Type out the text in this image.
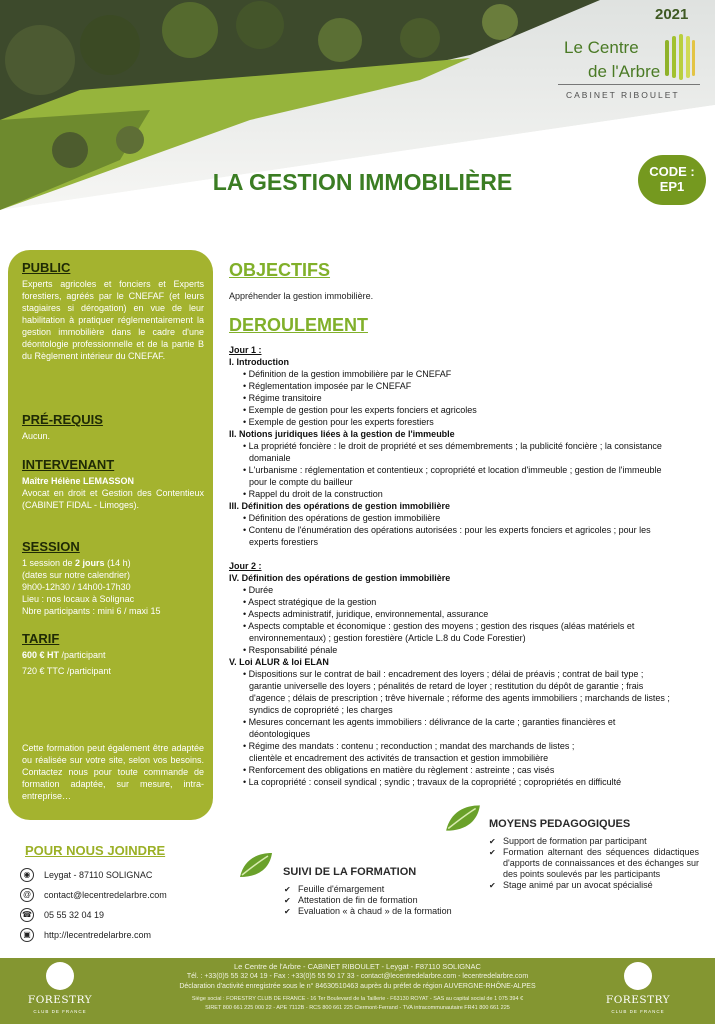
2021
Le Centre
de l'Arbre
CABINET RIBOULET
LA GESTION IMMOBILIÈRE	CODE :
EP1
PUBLIC
Experts agricoles et fonciers et Experts forestiers, agréés par le CNEFAF (et leurs stagiaires si dérogation) en vue de leur habilitation à pratiquer réglementairement la gestion immobilière dans le cadre d'une déontologie professionnelle et de la partie B du Règlement intérieur du CNEFAF.
PRÉ-REQUIS
Aucun.
INTERVENANT
Maître Hélène LEMASSON
Avocat en droit et Gestion des Contentieux (CABINET FIDAL - Limoges).
SESSION
1 session de 2 jours (14 h)
(dates sur notre calendrier)
9h00-12h30 / 14h00-17h30
Lieu : nos locaux à Solignac
Nbre participants : mini 6 / maxi 15
TARIF
600 € HT /participant
720 € TTC /participant
Cette formation peut également être adaptée ou réalisée sur votre site, selon vos besoins. Contactez nous pour toute commande de formation adaptée, sur mesure, intra-entreprise…
OBJECTIFS
Appréhender la gestion immobilière.
DEROULEMENT
Jour 1 :
I. Introduction
• Définition de la gestion immobilière par le CNEFAF
• Réglementation imposée par le CNEFAF
• Régime transitoire
• Exemple de gestion pour les experts fonciers et agricoles
• Exemple de gestion pour les experts forestiers
II. Notions juridiques liées à la gestion de l'immeuble
• La propriété foncière : le droit de propriété et ses démembrements ; la publicité foncière ; la consistance domaniale
• L'urbanisme : réglementation et contentieux ; copropriété et location d'immeuble ; gestion de l'immeuble pour le compte du bailleur
• Rappel du droit de la construction
III. Définition des opérations de gestion immobilière
• Définition des opérations de gestion immobilière
• Contenu de l'énumération des opérations autorisées : pour les experts fonciers et agricoles ; pour les experts forestiers
Jour 2 :
IV. Définition des opérations de gestion immobilière
• Durée
• Aspect stratégique de la gestion
• Aspects administratif, juridique, environnemental, assurance
• Aspects comptable et économique : gestion des moyens ; gestion des risques (aléas matériels et environnementaux) ; gestion forestière (Article L.8 du Code Forestier)
• Responsabilité pénale
V. Loi ALUR & loi ELAN
• Dispositions sur le contrat de bail : encadrement des loyers ; délai de préavis ; contrat de bail type ; garantie universelle des loyers ; pénalités de retard de loyer ; restitution du dépôt de garantie ; frais d'agence ; délais de prescription ; trêve hivernale ; réforme des agents immobiliers ; marchands de listes ; syndics de copropriété ; les charges
• Mesures concernant les agents immobiliers : délivrance de la carte ; garanties financières et déontologiques
• Régime des mandats : contenu ; reconduction ; mandat des marchands de listes ;
clientèle et encadrement des activités de transaction et gestion immobilière
• Renforcement des obligations en matière du règlement : astreinte ; cas visés
• La copropriété : conseil syndical ; syndic ; travaux de la copropriété ; copropriétés en difficulté
POUR NOUS JOINDRE
◉	Leygat - 87110 SOLIGNAC
@	contact@lecentredelarbre.com
☎ 05 55 32 04 19
▣	http://lecentredelarbre.com
SUIVI DE LA FORMATION
✔ Feuille d'émargement
✔ Attestation de fin de formation
✔ Evaluation « à chaud » de la formation
MOYENS PEDAGOGIQUES
✔ Support de formation par participant
✔ Formation alternant des séquences didactiques d'apports de connaissances et des échanges sur des points soulevés par les participants
✔ Stage animé par un avocat spécialisé
FORESTRY
CLUB DE FRANCE
Le Centre de l'Arbre - CABINET RIBOULET - Leygat - F87110 SOLIGNAC
Tél. : +33(0)5 55 32 04 19 - Fax : +33(0)5 55 50 17 33 - contact@lecentredelarbre.com - lecentredelarbre.com
Déclaration d'activité enregistrée sous le n° 84630510463 auprès du préfet de région AUVERGNE-RHÔNE-ALPES
Siège social : FORESTRY CLUB DE FRANCE - 16 Ter Boulevard de la Taillerie - F63130 ROYAT - SAS au capital social de 1 075 394 €
SIRET 800 661 225 000 22 - APE 7112B - RCS 800 661 225 Clermont-Ferrand - TVA intracommunautaire FR41 800 661 225
FORESTRY
CLUB DE FRANCE
